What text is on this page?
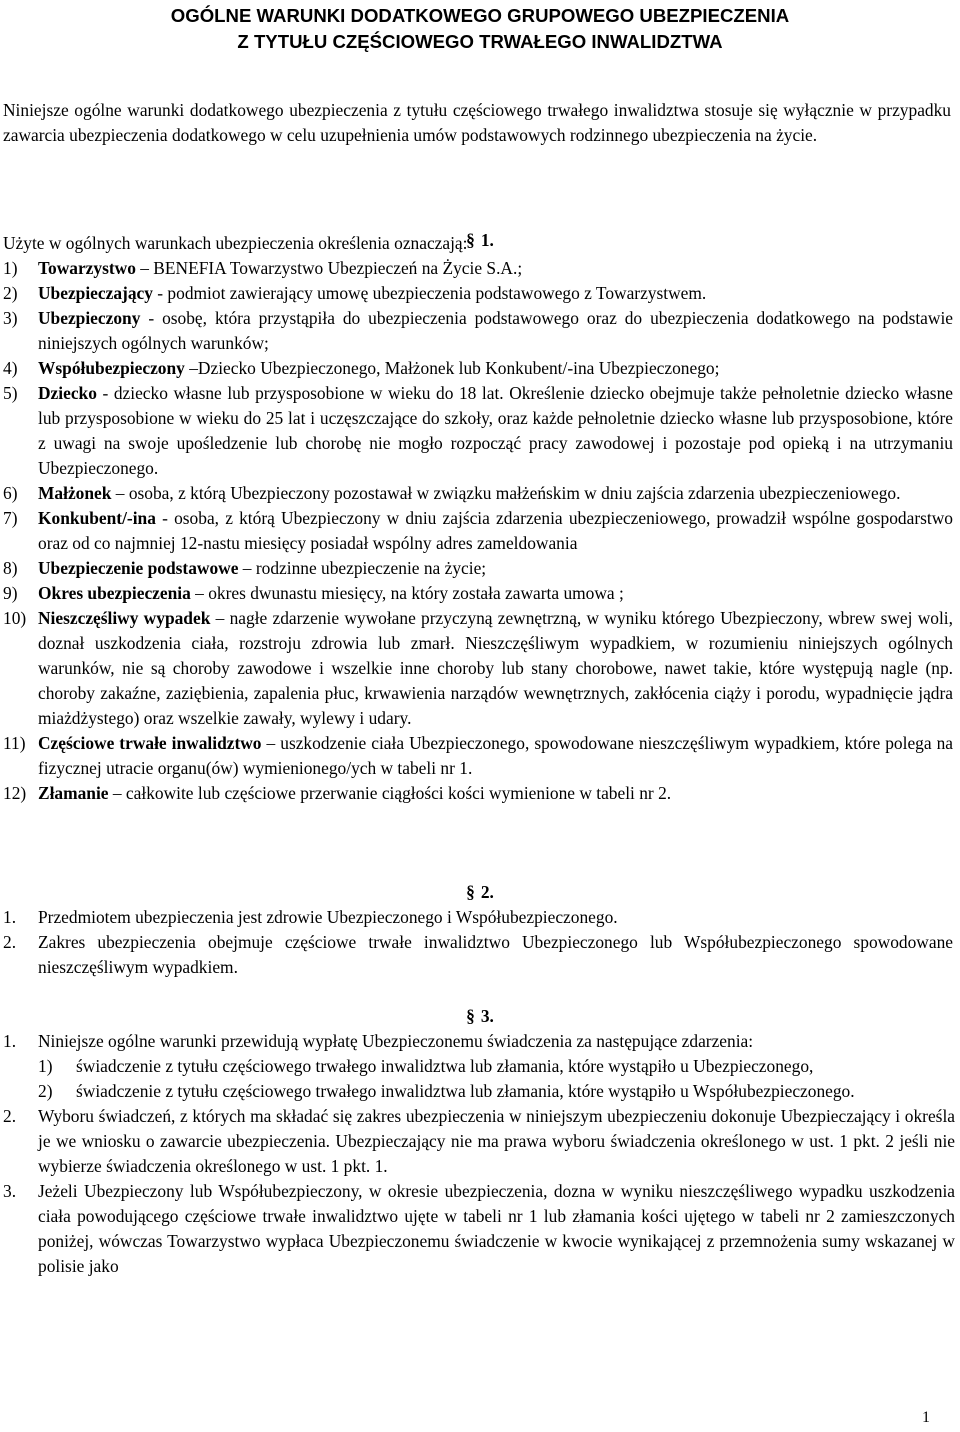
OGÓLNE WARUNKI DODATKOWEGO GRUPOWEGO UBEZPIECZENIA
Z TYTUŁU CZĘŚCIOWEGO TRWAŁEGO INWALIDZTWA
Niniejsze ogólne warunki dodatkowego ubezpieczenia z tytułu częściowego trwałego inwalidztwa stosuje się wyłącznie w przypadku zawarcia ubezpieczenia dodatkowego w celu uzupełnienia umów podstawowych rodzinnego ubezpieczenia na życie.
§ 1.
Użyte w ogólnych warunkach ubezpieczenia określenia oznaczają:
1) Towarzystwo – BENEFIA Towarzystwo Ubezpieczeń na Życie S.A.;
2) Ubezpieczający - podmiot zawierający umowę ubezpieczenia podstawowego z Towarzystwem.
3) Ubezpieczony - osobę, która przystąpiła do ubezpieczenia podstawowego oraz do ubezpieczenia dodatkowego na podstawie niniejszych ogólnych warunków;
4) Współubezpieczony –Dziecko Ubezpieczonego, Małżonek lub Konkubent/-ina Ubezpieczonego;
5) Dziecko - dziecko własne lub przysposobione w wieku do 18 lat. Określenie dziecko obejmuje także pełnoletnie dziecko własne lub przysposobione w wieku do 25 lat i uczęszczające do szkoły, oraz każde pełnoletnie dziecko własne lub przysposobione, które z uwagi na swoje upośledzenie lub chorobę nie mogło rozpocząć pracy zawodowej i pozostaje pod opieką i na utrzymaniu Ubezpieczonego.
6) Małżonek – osoba, z którą Ubezpieczony pozostawał w związku małżeńskim w dniu zajścia zdarzenia ubezpieczeniowego.
7) Konkubent/-ina - osoba, z którą Ubezpieczony w dniu zajścia zdarzenia ubezpieczeniowego, prowadził wspólne gospodarstwo oraz od co najmniej 12-nastu miesięcy posiadał wspólny adres zameldowania
8) Ubezpieczenie podstawowe – rodzinne ubezpieczenie na życie;
9) Okres ubezpieczenia – okres dwunastu miesięcy, na który została zawarta umowa ;
10) Nieszczęśliwy wypadek – nagłe zdarzenie wywołane przyczyną zewnętrzną, w wyniku którego Ubezpieczony, wbrew swej woli, doznał uszkodzenia ciała, rozstroju zdrowia lub zmarł. Nieszczęśliwym wypadkiem, w rozumieniu niniejszych ogólnych warunków, nie są choroby zawodowe i wszelkie inne choroby lub stany chorobowe, nawet takie, które występują nagle (np. choroby zakaźne, zaziębienia, zapalenia płuc, krwawienia narządów wewnętrznych, zakłócenia ciąży i porodu, wypadnięcie jądra miażdżystego) oraz wszelkie zawały, wylewy i udary.
11) Częściowe trwałe inwalidztwo – uszkodzenie ciała Ubezpieczonego, spowodowane nieszczęśliwym wypadkiem, które polega na fizycznej utracie organu(ów) wymienionego/ych w tabeli nr 1.
12) Złamanie – całkowite lub częściowe przerwanie ciągłości kości wymienione w tabeli nr 2.
§ 2.
1. Przedmiotem ubezpieczenia jest zdrowie Ubezpieczonego i Współubezpieczonego.
2. Zakres ubezpieczenia obejmuje częściowe trwałe inwalidztwo Ubezpieczonego lub Współubezpieczonego spowodowane nieszczęśliwym wypadkiem.
§ 3.
1. Niniejsze ogólne warunki przewidują wypłatę Ubezpieczonemu świadczenia za następujące zdarzenia:
1) świadczenie z tytułu częściowego trwałego inwalidztwa lub złamania, które wystąpiło u Ubezpieczonego,
2) świadczenie z tytułu częściowego trwałego inwalidztwa lub złamania, które wystąpiło u Współubezpieczonego.
2. Wyboru świadczeń, z których ma składać się zakres ubezpieczenia w niniejszym ubezpieczeniu dokonuje Ubezpieczający i określa je we wniosku o zawarcie ubezpieczenia. Ubezpieczający nie ma prawa wyboru świadczenia określonego w ust. 1 pkt. 2 jeśli nie wybierze świadczenia określonego w ust. 1 pkt. 1.
3. Jeżeli Ubezpieczony lub Współubezpieczony, w okresie ubezpieczenia, dozna w wyniku nieszczęśliwego wypadku uszkodzenia ciała powodującego częściowe trwałe inwalidztwo ujęte w tabeli nr 1 lub złamania kości ujętego w tabeli nr 2 zamieszczonych poniżej, wówczas Towarzystwo wypłaca Ubezpieczonemu świadczenie w kwocie wynikającej z przemnożenia sumy wskazanej w polisie jako
1
